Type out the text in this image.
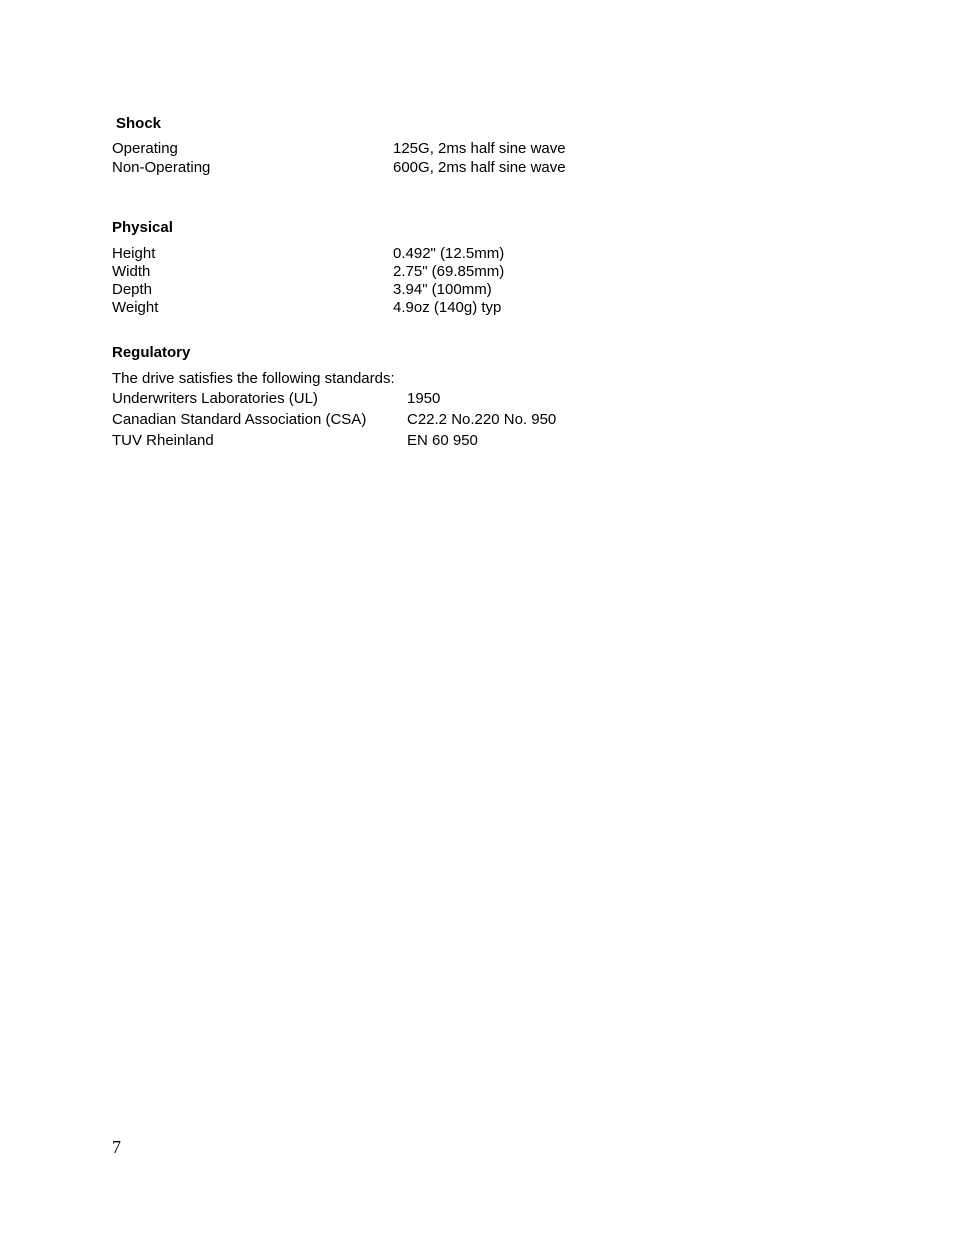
Shock
Operating	125G, 2ms half sine wave
Non-Operating	600G, 2ms half sine wave
Physical
Height	0.492" (12.5mm)
Width	2.75" (69.85mm)
Depth	3.94" (100mm)
Weight	4.9oz (140g) typ
Regulatory
The drive satisfies the following standards:
Underwriters Laboratories (UL)	1950
Canadian Standard Association (CSA)	C22.2 No.220 No. 950
TUV Rheinland	EN 60 950
7
